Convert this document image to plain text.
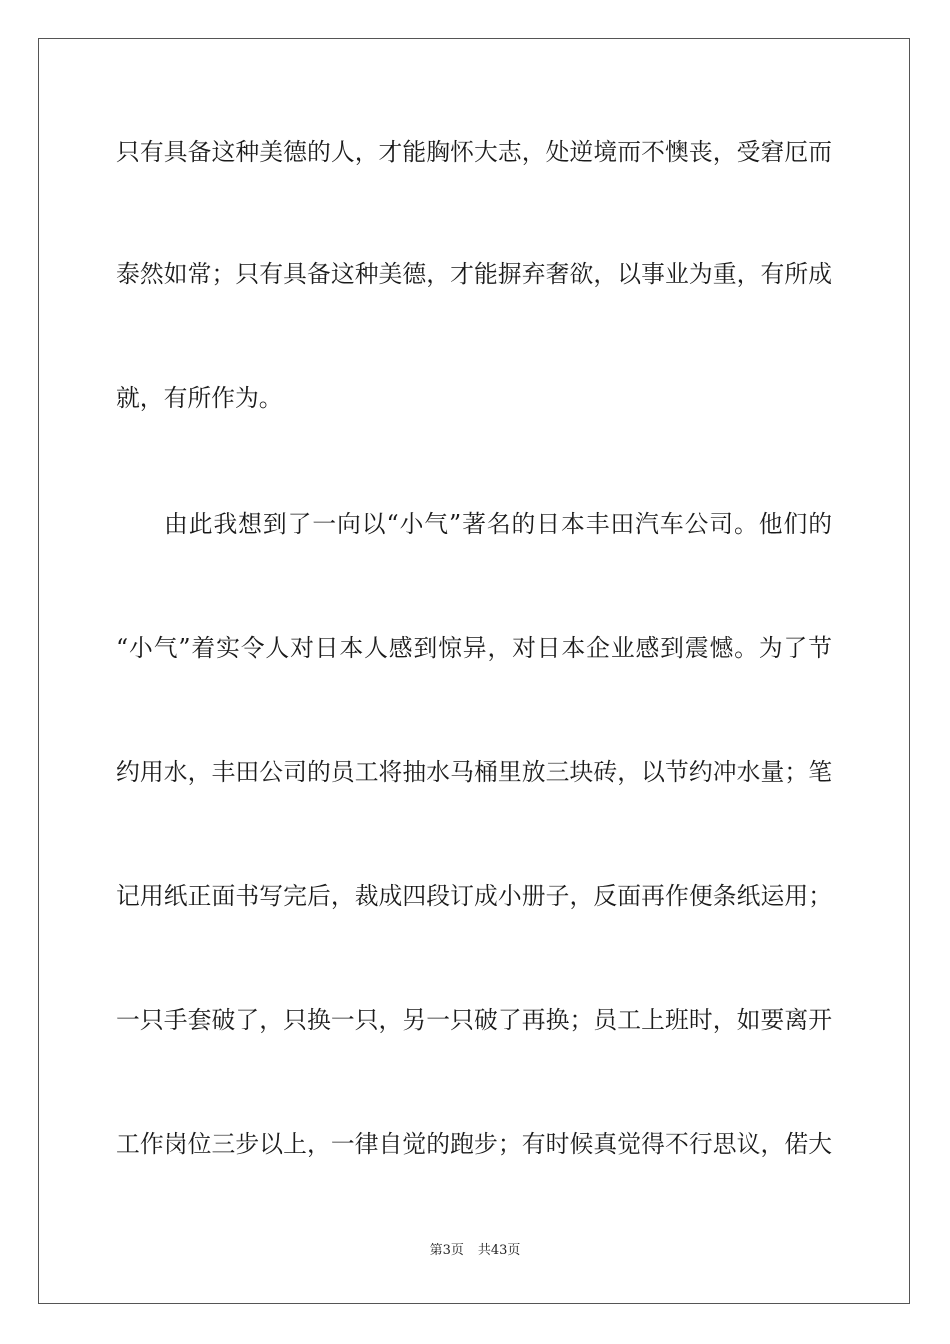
只有具备这种美德的人，才能胸怀大志，处逆境而不懊丧，受窘厄而
泰然如常；只有具备这种美德，才能摒弃奢欲，以事业为重，有所成
就，有所作为。
由此我想到了一向以“小气”著名的日本丰田汽车公司。他们的
“小气”着实令人对日本人感到惊异，对日本企业感到震憾。为了节
约用水，丰田公司的员工将抽水马桶里放三块砖，以节约冲水量；笔
记用纸正面书写完后，裁成四段订成小册子，反面再作便条纸运用；
一只手套破了，只换一只，另一只破了再换；员工上班时，如要离开
工作岗位三步以上，一律自觉的跑步；有时候真觉得不行思议，偌大
第3页 共43页
